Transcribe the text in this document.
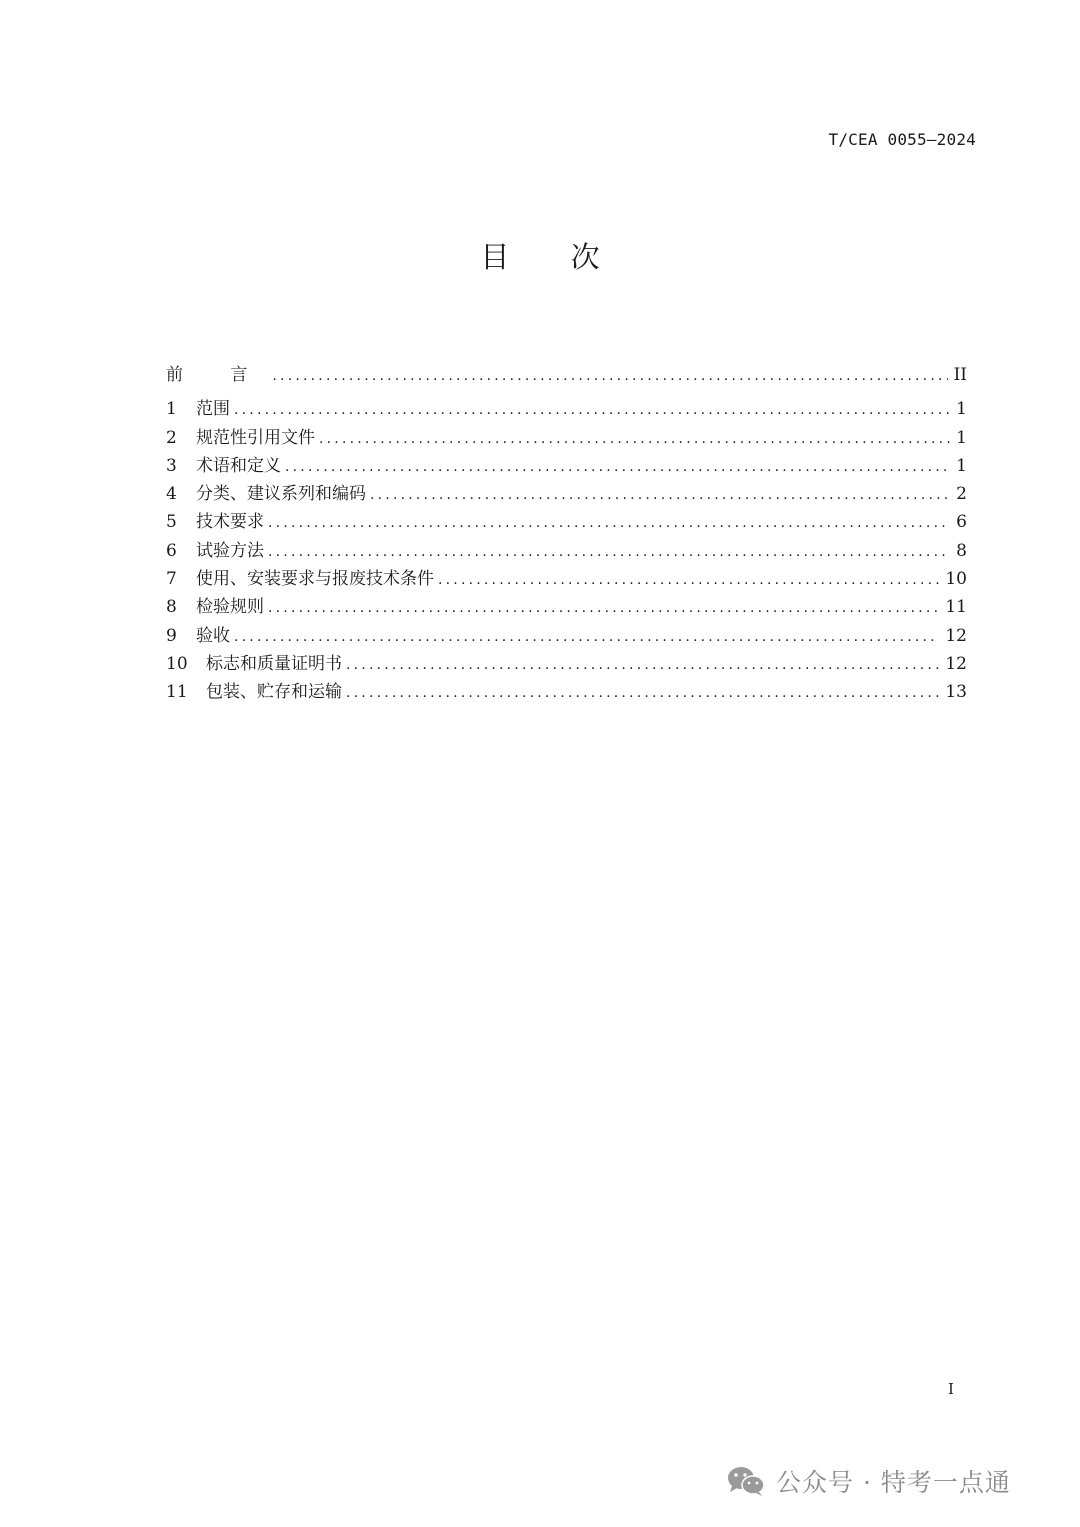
T/CEA 0055—2024
目 次
前 言 .....	II
1	范围 .....	1
2	规范性引用文件 .....	1
3	术语和定义 .....	1
4	分类、建议系列和编码 .....	2
5	技术要求 .....	6
6	试验方法 .....	8
7	使用、安装要求与报废技术条件 .....	10
8	检验规则 .....	11
9	验收 .....	12
10	标志和质量证明书 .....	12
11	包装、贮存和运输 .....	13
I
公众号 · 特考一点通
